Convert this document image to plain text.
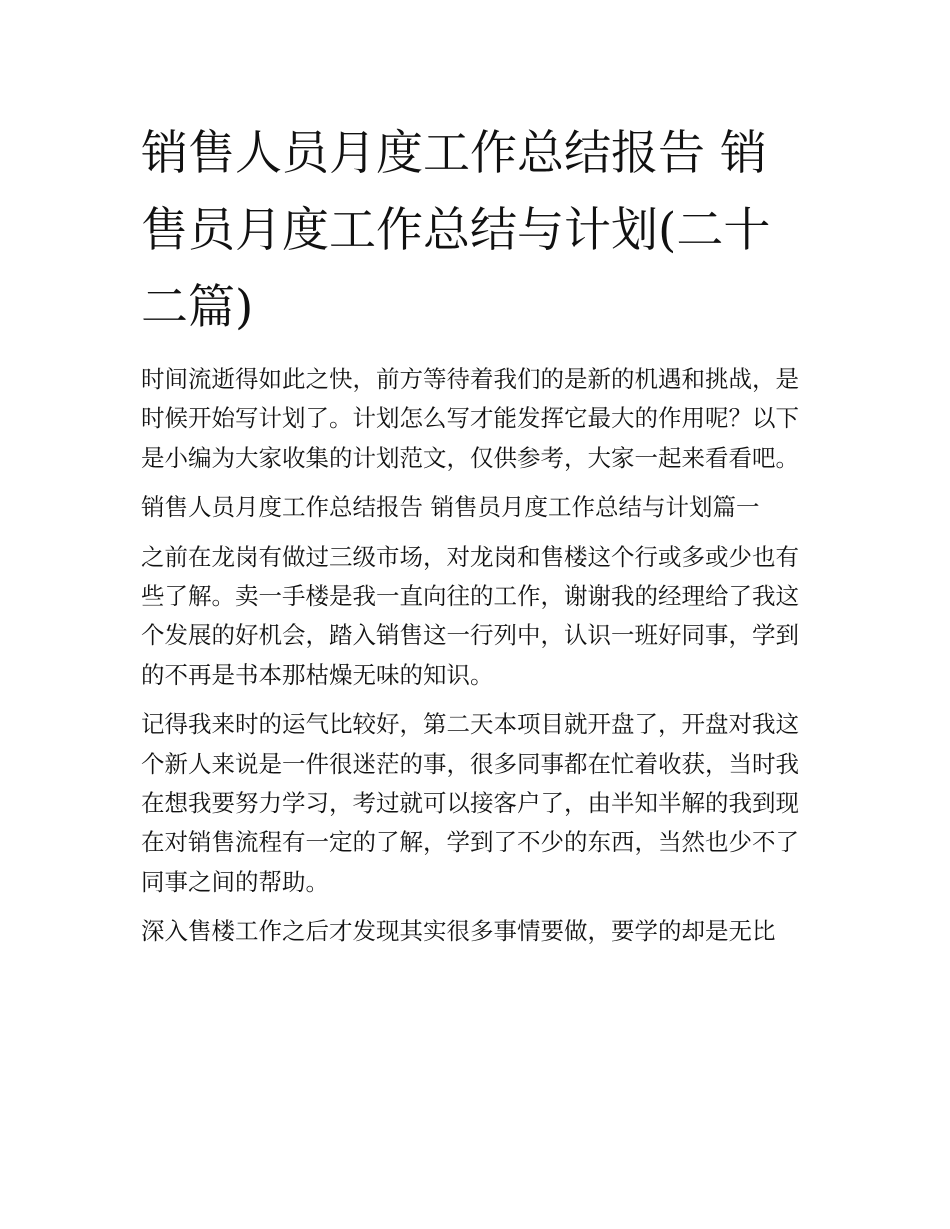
销售人员月度工作总结报告 销售员月度工作总结与计划(二十二篇)

时间流逝得如此之快，前方等待着我们的是新的机遇和挑战，是时候开始写计划了。计划怎么写才能发挥它最大的作用呢？以下是小编为大家收集的计划范文，仅供参考，大家一起来看看吧。

销售人员月度工作总结报告 销售员月度工作总结与计划篇一

之前在龙岗有做过三级市场，对龙岗和售楼这个行或多或少也有些了解。卖一手楼是我一直向往的工作，谢谢我的经理给了我这个发展的好机会，踏入销售这一行列中，认识一班好同事，学到的不再是书本那枯燥无味的知识。

记得我来时的运气比较好，第二天本项目就开盘了，开盘对我这个新人来说是一件很迷茫的事，很多同事都在忙着收获，当时我在想我要努力学习，考过就可以接客户了，由半知半解的我到现在对销售流程有一定的了解，学到了不少的东西，当然也少不了同事之间的帮助。

深入售楼工作之后才发现其实很多事情要做，要学的却是无比
